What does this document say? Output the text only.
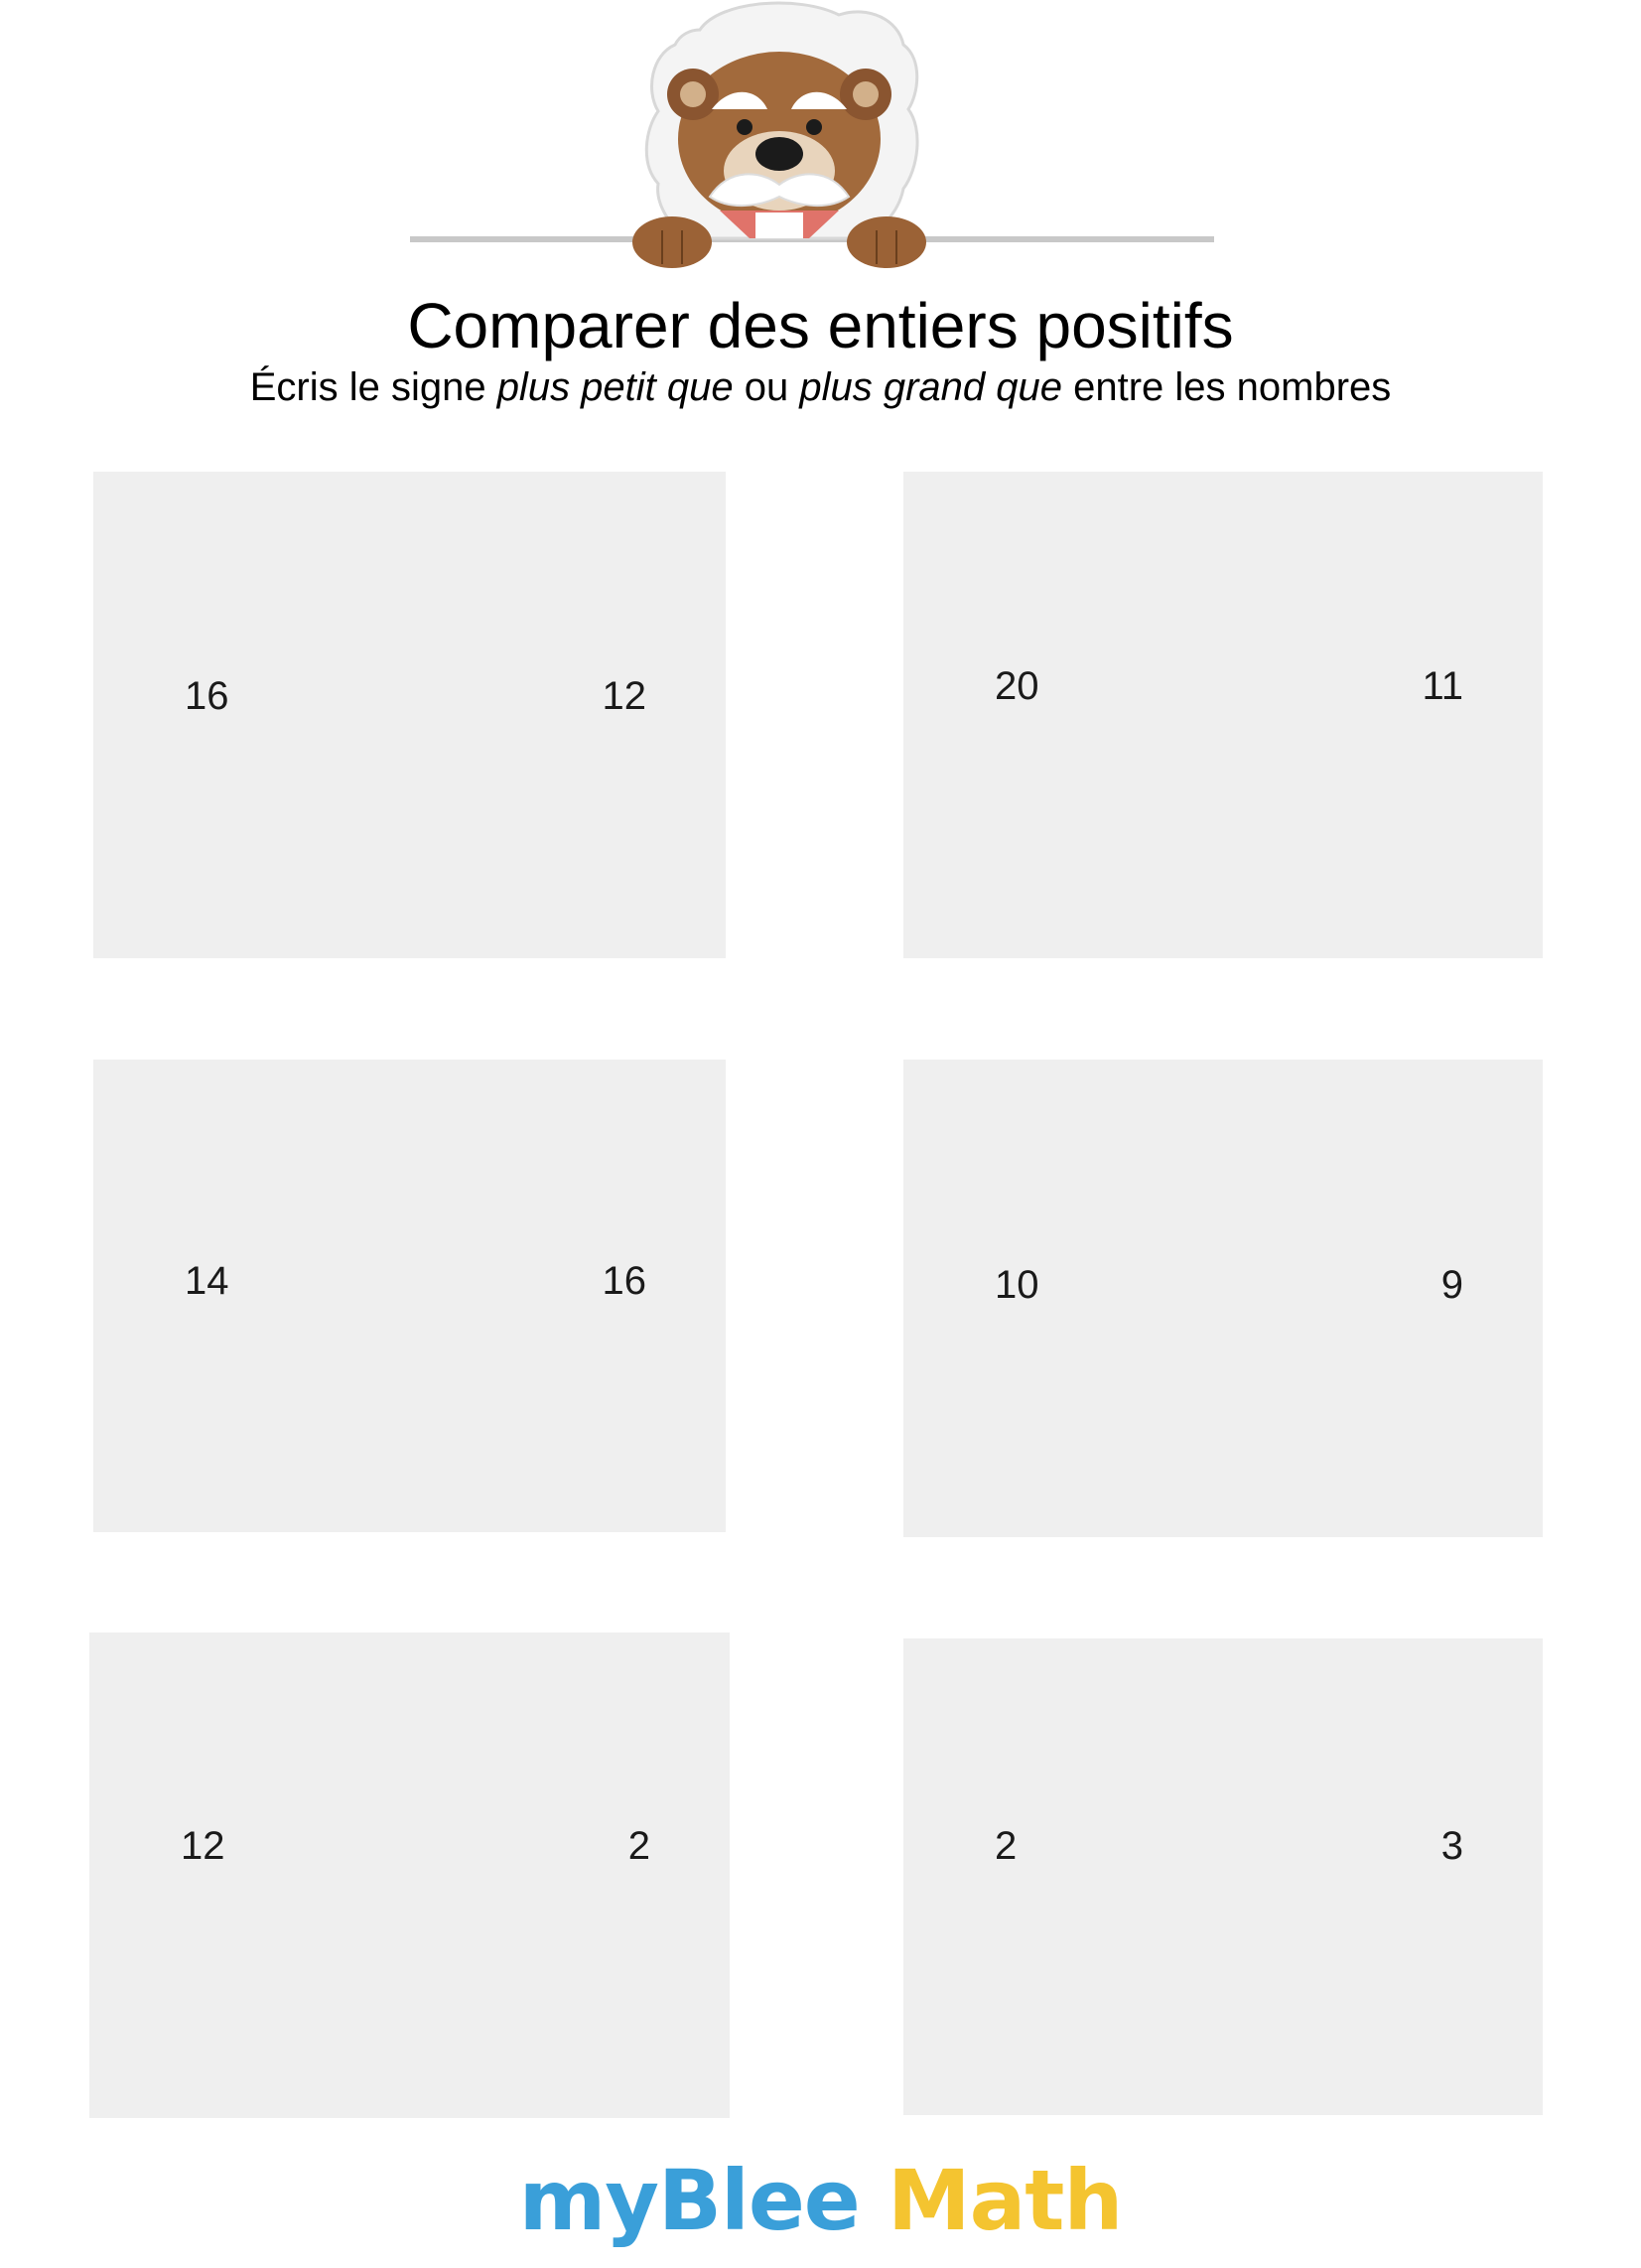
Comparer des entiers positifs
Écris le signe plus petit que ou plus grand que entre les nombres
16	12	20	11
14	16	10	9
12	2	2	3
myBlee Math
